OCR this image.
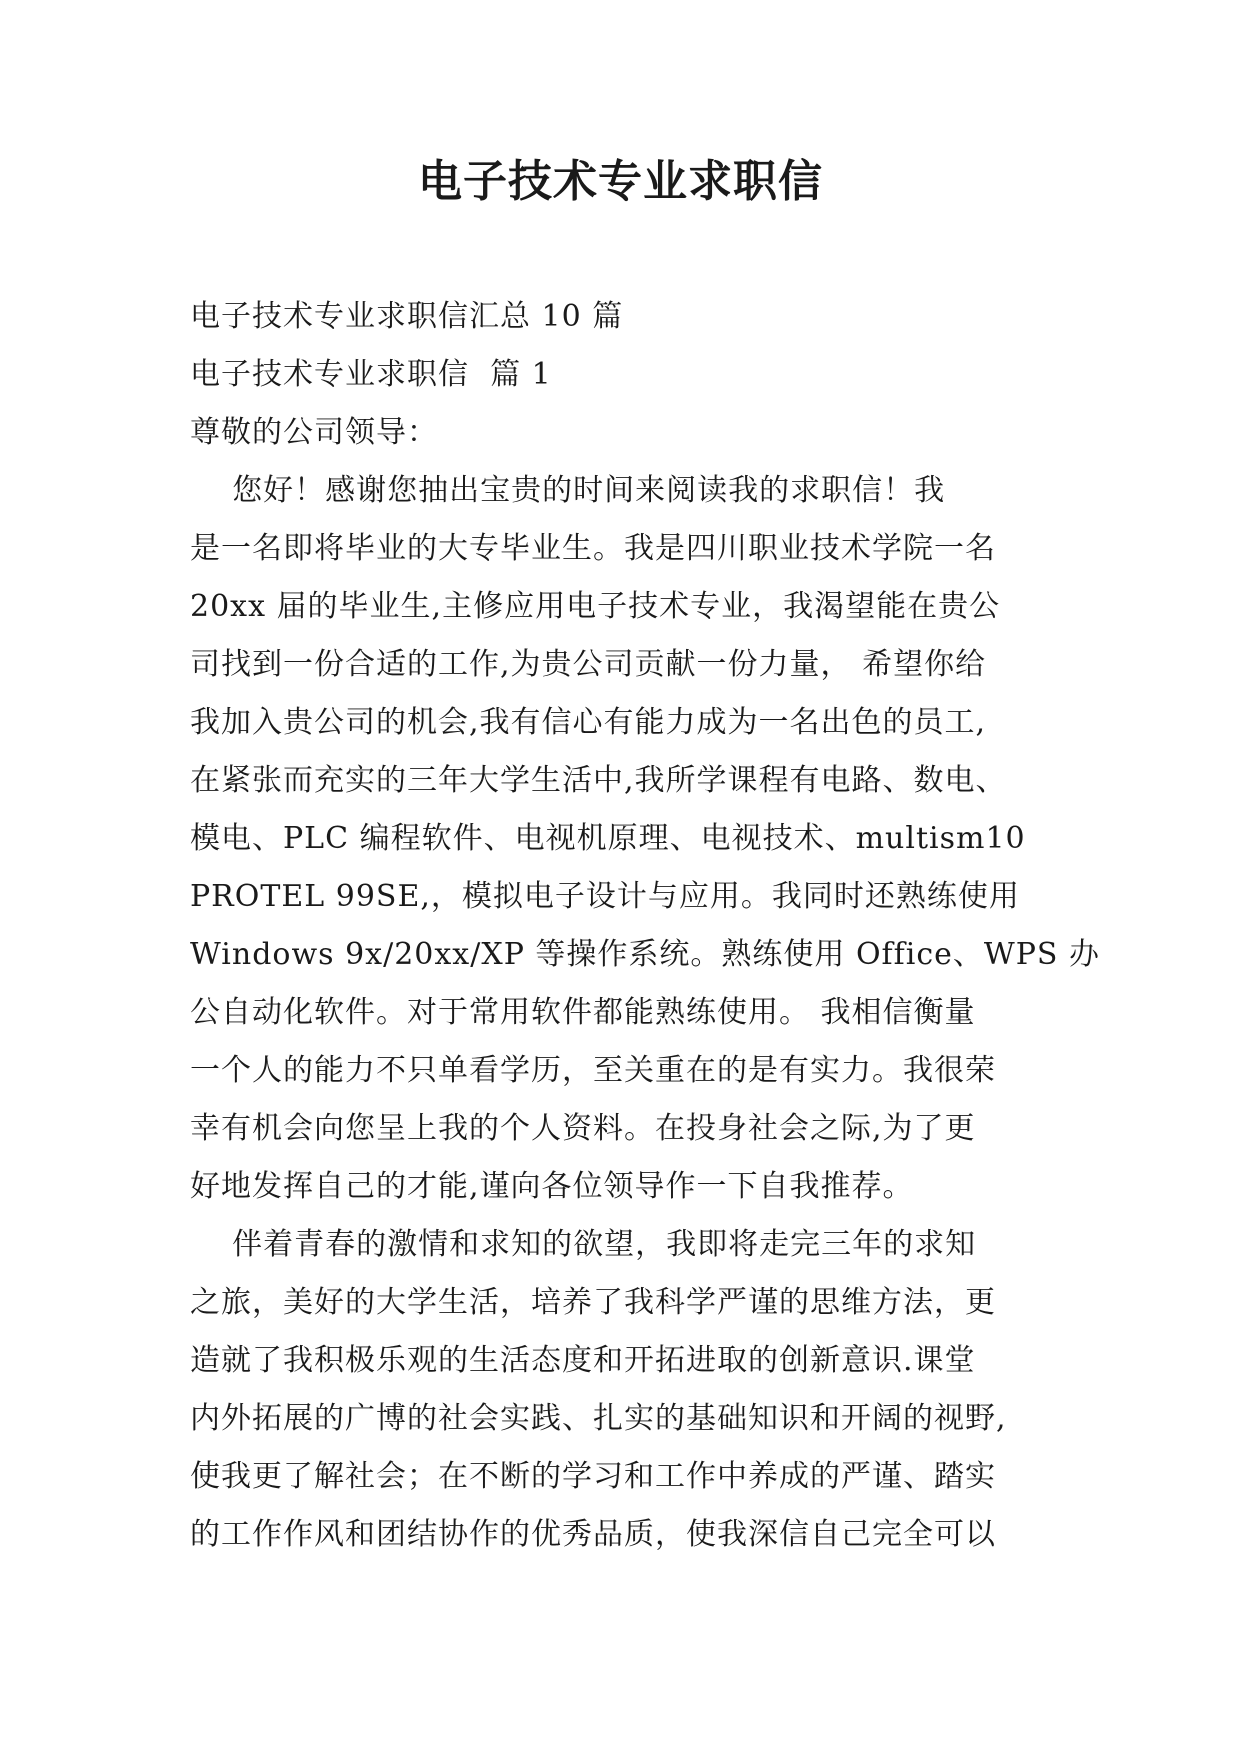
电子技术专业求职信
电子技术专业求职信汇总 10 篇
电子技术专业求职信  篇 1
尊敬的公司领导：
您好！感谢您抽出宝贵的时间来阅读我的求职信！我
是一名即将毕业的大专毕业生。我是四川职业技术学院一名
20xx 届的毕业生,主修应用电子技术专业，我渴望能在贵公
司找到一份合适的工作,为贵公司贡献一份力量， 希望你给
我加入贵公司的机会,我有信心有能力成为一名出色的员工,
在紧张而充实的三年大学生活中,我所学课程有电路、数电、
模电、PLC 编程软件、电视机原理、电视技术、multism10
PROTEL 99SE,，模拟电子设计与应用。我同时还熟练使用
Windows 9x/20xx/XP 等操作系统。熟练使用 Office、WPS 办
公自动化软件。对于常用软件都能熟练使用。 我相信衡量
一个人的能力不只单看学历，至关重在的是有实力。我很荣
幸有机会向您呈上我的个人资料。在投身社会之际,为了更
好地发挥自己的才能,谨向各位领导作一下自我推荐。
伴着青春的激情和求知的欲望，我即将走完三年的求知
之旅，美好的大学生活，培养了我科学严谨的思维方法，更
造就了我积极乐观的生活态度和开拓进取的创新意识.课堂
内外拓展的广博的社会实践、扎实的基础知识和开阔的视野,
使我更了解社会；在不断的学习和工作中养成的严谨、踏实
的工作作风和团结协作的优秀品质，使我深信自己完全可以
